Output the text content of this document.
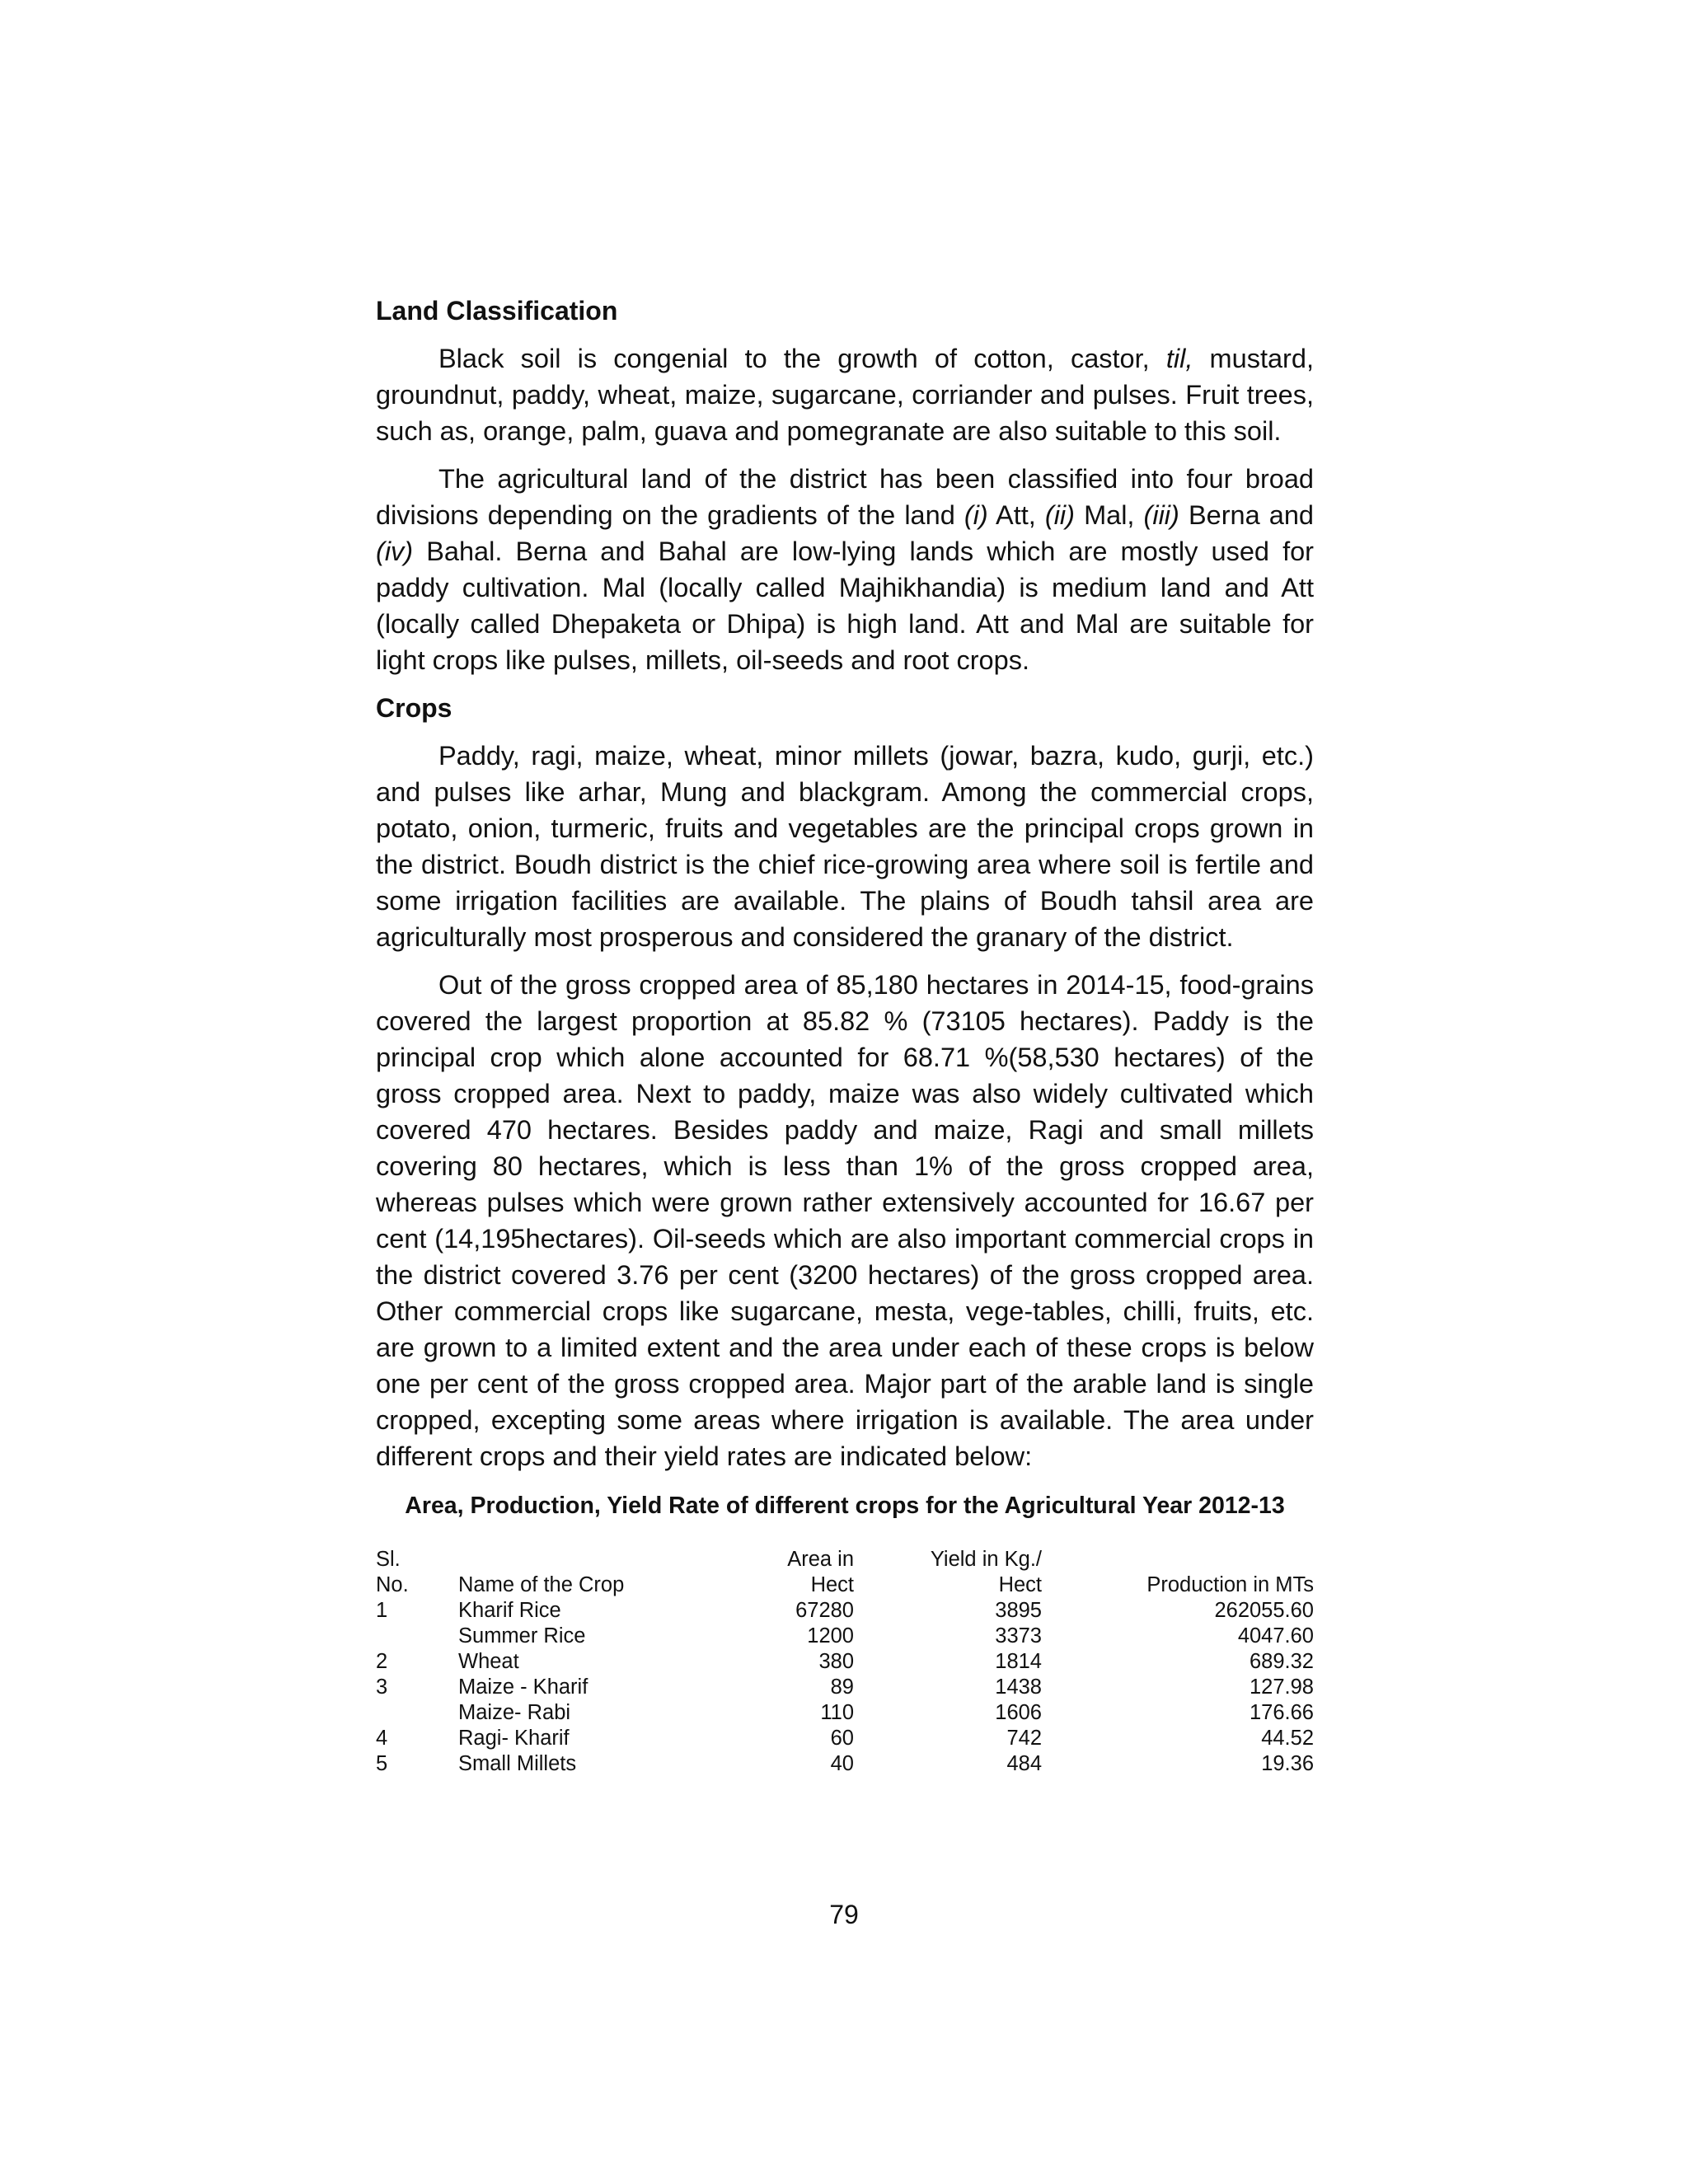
Land Classification

Black soil is congenial to the growth of cotton, castor, til, mustard, groundnut, paddy, wheat, maize, sugarcane, corriander and pulses. Fruit trees, such as, orange, palm, guava and pomegranate are also suitable to this soil.

The agricultural land of the district has been classified into four broad divisions depending on the gradients of the land (i) Att, (ii) Mal, (iii) Berna and (iv) Bahal. Berna and Bahal are low-lying lands which are mostly used for paddy cultivation. Mal (locally called Majhikhandia) is medium land and Att (locally called Dhepaketa or Dhipa) is high land. Att and Mal are suitable for light crops like pulses, millets, oil-seeds and root crops.

Crops

Paddy, ragi, maize, wheat, minor millets (jowar, bazra, kudo, gurji, etc.) and pulses like arhar, Mung and blackgram. Among the commercial crops, potato, onion, turmeric, fruits and vegetables are the principal crops grown in the district. Boudh district is the chief rice-growing area where soil is fertile and some irrigation facilities are available. The plains of Boudh tahsil area are agriculturally most prosperous and considered the granary of the district.

Out of the gross cropped area of 85,180 hectares in 2014-15, food-grains covered the largest proportion at 85.82 % (73105 hectares). Paddy is the principal crop which alone accounted for 68.71 %(58,530 hectares) of the gross cropped area. Next to paddy, maize was also widely cultivated which covered 470 hectares. Besides paddy and maize, Ragi and small millets covering 80 hectares, which is less than 1% of the gross cropped area, whereas pulses which were grown rather extensively accounted for 16.67 per cent (14,195hectares). Oil-seeds which are also important commercial crops in the district covered 3.76 per cent (3200 hectares) of the gross cropped area. Other commercial crops like sugarcane, mesta, vege-tables, chilli, fruits, etc. are grown to a limited extent and the area under each of these crops is below one per cent of the gross cropped area. Major part of the arable land is single cropped, excepting some areas where irrigation is available. The area under different crops and their yield rates are indicated below:

Area, Production, Yield Rate of different crops for the Agricultural Year 2012-13
Sl.		Area in	Yield in Kg./	
No.	Name of the Crop	Hect	Hect	Production in MTs
1	Kharif Rice	67280	3895	262055.60
	Summer Rice	1200	3373	4047.60
2	Wheat	380	1814	689.32
3	Maize - Kharif	89	1438	127.98
	Maize- Rabi	110	1606	176.66
4	Ragi- Kharif	60	742	44.52
5	Small Millets	40	484	19.36
79
